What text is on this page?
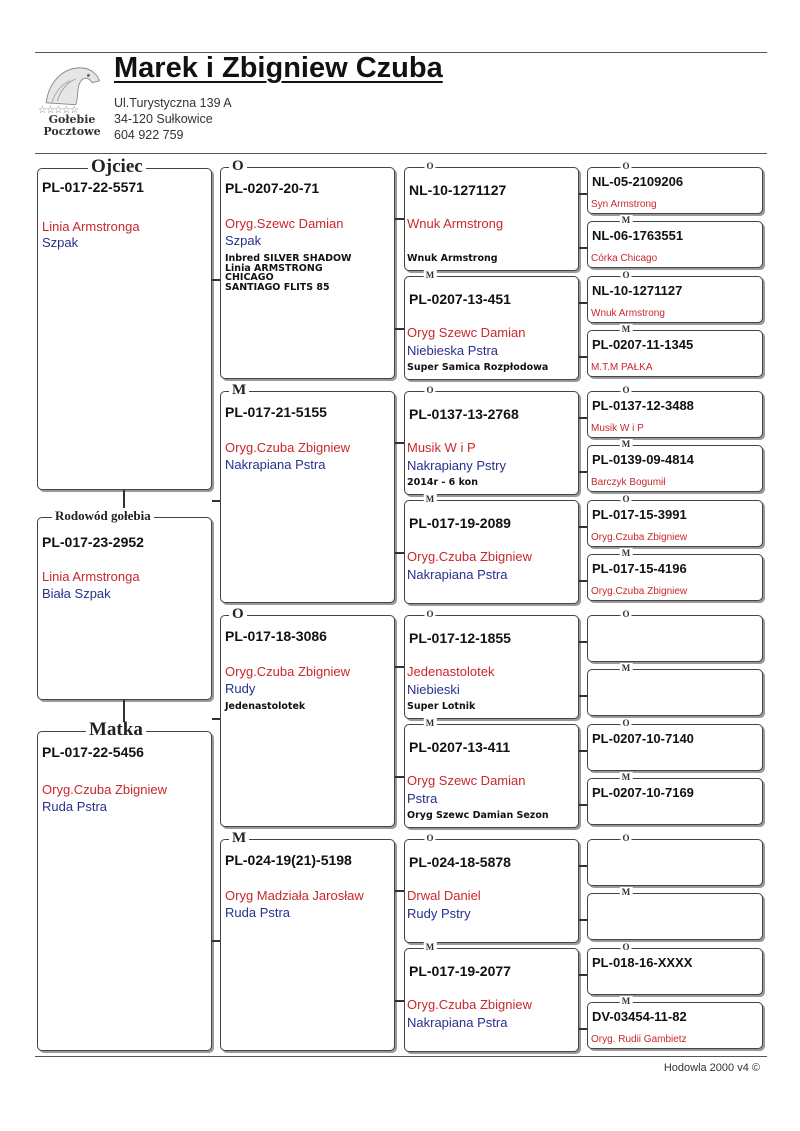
☆☆☆☆☆
Gołebie
Pocztowe
Marek i Zbigniew Czuba
Ul.Turystyczna 139 A
34-120 Sułkowice
604 922 759
Ojciec
PL-017-22-5571
Linia Armstronga
Szpak
Rodowód gołebia
PL-017-23-2952
Linia Armstronga
Biała Szpak
Matka
PL-017-22-5456
Oryg.Czuba Zbigniew
Ruda Pstra
O
PL-0207-20-71
Oryg.Szewc Damian
Szpak
Inbred SILVER SHADOW
Linia ARMSTRONG
CHICAGO
SANTIAGO FLITS 85
M
PL-017-21-5155
Oryg.Czuba Zbigniew
Nakrapiana Pstra
O
PL-017-18-3086
Oryg.Czuba Zbigniew
Rudy
Jedenastolotek
M
PL-024-19(21)-5198
Oryg Madziała Jarosław
Ruda Pstra
O
NL-10-1271127
Wnuk Armstrong
Wnuk Armstrong
M
PL-0207-13-451
Oryg Szewc Damian
Niebieska Pstra
Super Samica Rozpłodowa
O
PL-0137-13-2768
Musik W i P
Nakrapiany Pstry
2014r - 6 kon
M
PL-017-19-2089
Oryg.Czuba Zbigniew
Nakrapiana Pstra
O
PL-017-12-1855
Jedenastolotek
Niebieski
Super Lotnik
M
PL-0207-13-411
Oryg Szewc Damian
Pstra
Oryg Szewc Damian Sezon
O
PL-024-18-5878
Drwal Daniel
Rudy Pstry
M
PL-017-19-2077
Oryg.Czuba Zbigniew
Nakrapiana Pstra
O
NL-05-2109206
Syn Armstrong
M
NL-06-1763551
Córka Chicago
O
NL-10-1271127
Wnuk Armstrong
M
PL-0207-11-1345
M.T.M PAŁKA
O
PL-0137-12-3488
Musik W i P
M
PL-0139-09-4814
Barczyk Bogumił
O
PL-017-15-3991
Oryg.Czuba Zbigniew
M
PL-017-15-4196
Oryg.Czuba Zbigniew
O
M
O
PL-0207-10-7140
M
PL-0207-10-7169
O
M
O
PL-018-16-XXXX
M
DV-03454-11-82
Oryg. Rudii Gambietz
Hodowla 2000 v4 ©
